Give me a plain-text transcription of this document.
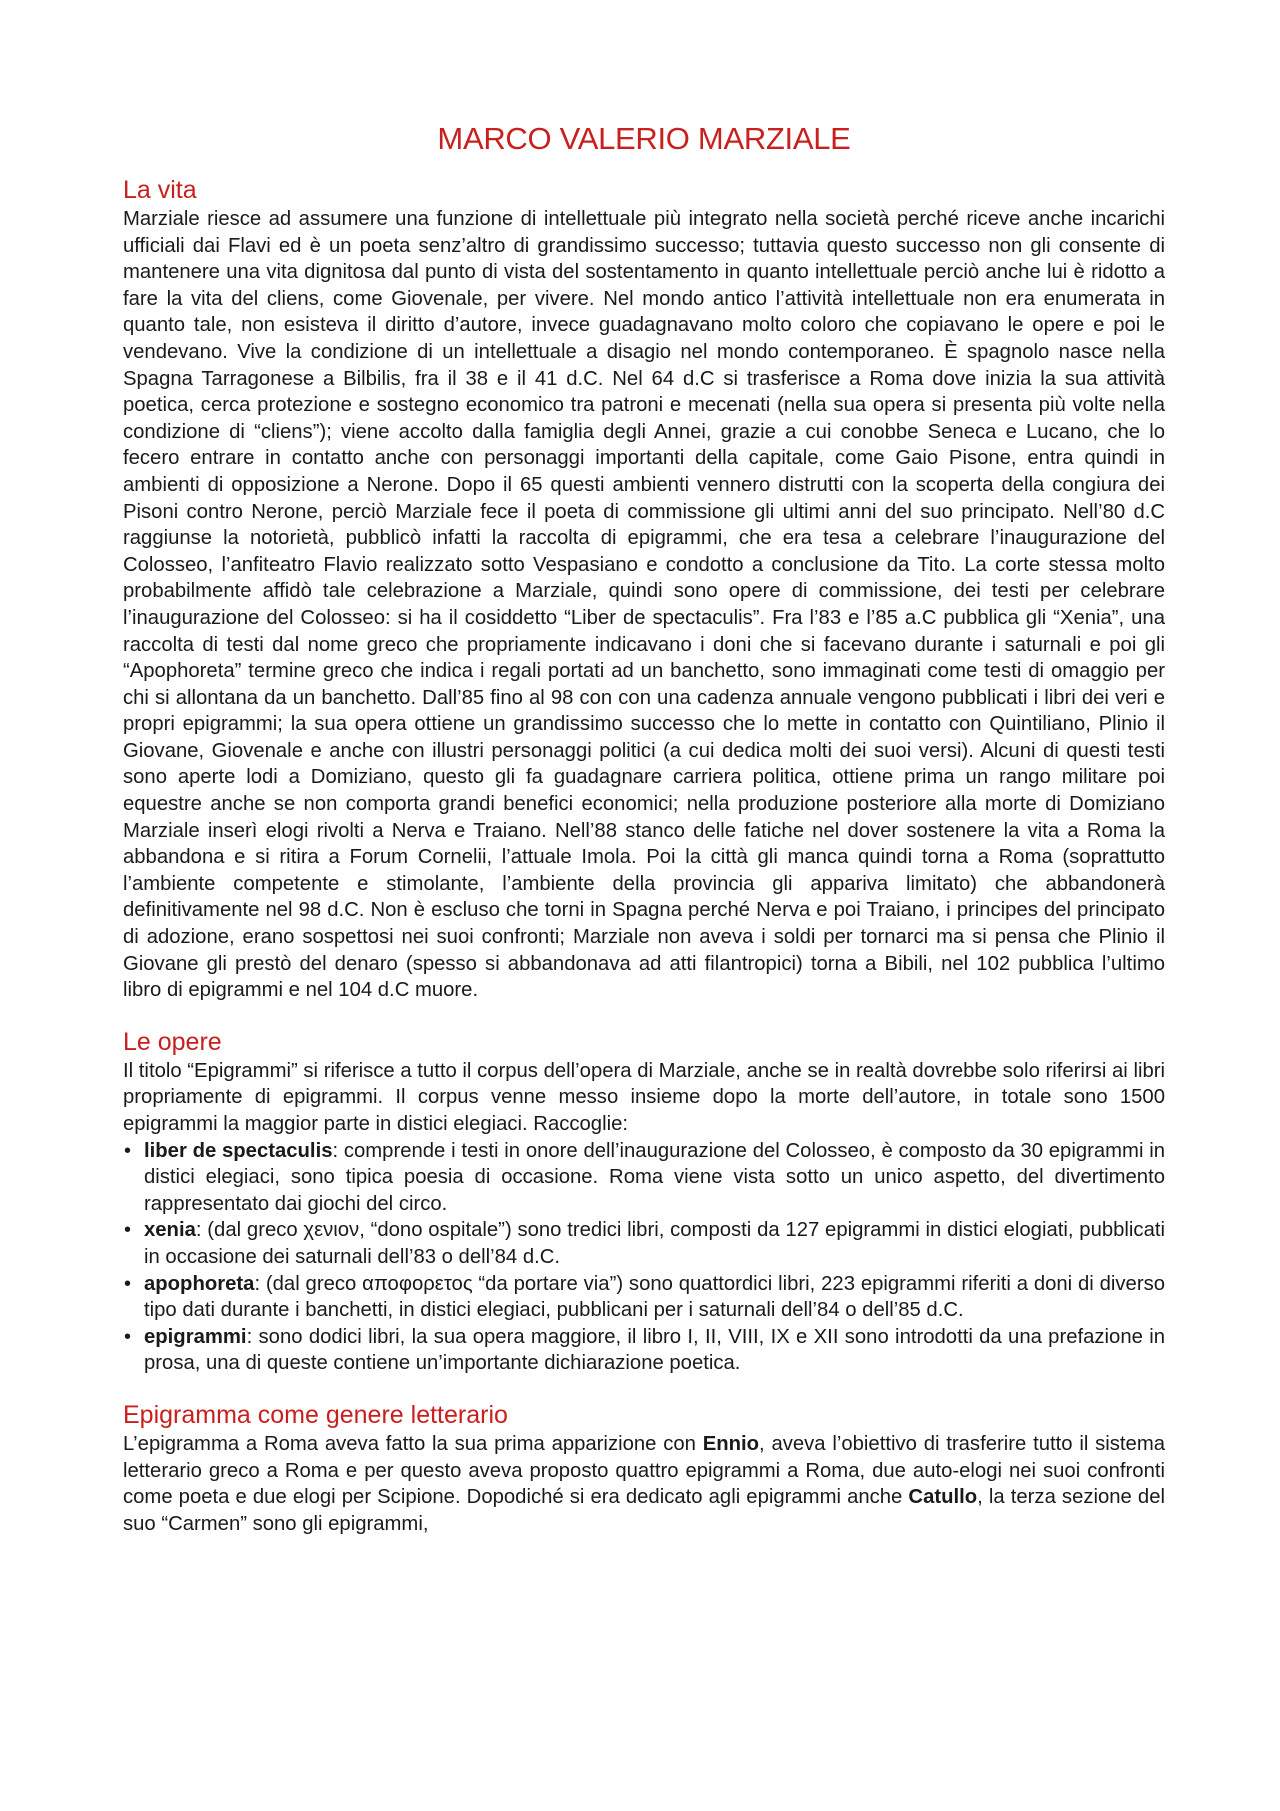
MARCO VALERIO MARZIALE
La vita

Marziale riesce ad assumere una funzione di intellettuale più integrato nella società perché riceve anche incarichi ufficiali dai Flavi ed è un poeta senz’altro di grandissimo successo; tuttavia questo successo non gli consente di mantenere una vita dignitosa dal punto di vista del sostentamento in quanto intellettuale perciò anche lui è ridotto a fare la vita del cliens, come Giovenale, per vivere. Nel mondo antico l’attività intellettuale non era enumerata in quanto tale, non esisteva il diritto d’autore, invece guadagnavano molto coloro che copiavano le opere e poi le vendevano. Vive la condizione di un intellettuale a disagio nel mondo contemporaneo. È spagnolo nasce nella Spagna Tarragonese a Bilbilis, fra il 38 e il 41 d.C. Nel 64 d.C si trasferisce a Roma dove inizia la sua attività poetica, cerca protezione e sostegno economico tra patroni e mecenati (nella sua opera si presenta più volte nella condizione di “cliens”); viene accolto dalla famiglia degli Annei, grazie a cui conobbe Seneca e Lucano, che lo fecero entrare in contatto anche con personaggi importanti della capitale, come Gaio Pisone, entra quindi in ambienti di opposizione a Nerone. Dopo il 65 questi ambienti vennero distrutti con la scoperta della congiura dei Pisoni contro Nerone, perciò Marziale fece il poeta di commissione gli ultimi anni del suo principato. Nell’80 d.C raggiunse la notorietà, pubblicò infatti la raccolta di epigrammi, che era tesa a celebrare l’inaugurazione del Colosseo, l’anfiteatro Flavio realizzato sotto Vespasiano e condotto a conclusione da Tito. La corte stessa molto probabilmente affidò tale celebrazione a Marziale, quindi sono opere di commissione, dei testi per celebrare l’inaugurazione del Colosseo: si ha il cosiddetto “Liber de spectaculis”. Fra l’83 e l’85 a.C pubblica gli “Xenia”, una raccolta di testi dal nome greco che propriamente indicavano i doni che si facevano durante i saturnali e poi gli “Apophoreta” termine greco che indica i regali portati ad un banchetto, sono immaginati come testi di omaggio per chi si allontana da un banchetto. Dall’85 fino al 98 con con una cadenza annuale vengono pubblicati i libri dei veri e propri epigrammi; la sua opera ottiene un grandissimo successo che lo mette in contatto con Quintiliano, Plinio il Giovane, Giovenale e anche con illustri personaggi politici (a cui dedica molti dei suoi versi). Alcuni di questi testi sono aperte lodi a Domiziano, questo gli fa guadagnare carriera politica, ottiene prima un rango militare poi equestre anche se non comporta grandi benefici economici; nella produzione posteriore alla morte di Domiziano Marziale inserì elogi rivolti a Nerva e Traiano. Nell’88 stanco delle fatiche nel dover sostenere la vita a Roma la abbandona e si ritira a Forum Cornelii, l’attuale Imola. Poi la città gli manca quindi torna a Roma (soprattutto l’ambiente competente e stimolante, l’ambiente della provincia gli appariva limitato) che abbandonerà definitivamente nel 98 d.C. Non è escluso che torni in Spagna perché Nerva e poi Traiano, i principes del principato di adozione, erano sospettosi nei suoi confronti; Marziale non aveva i soldi per tornarci ma si pensa che Plinio il Giovane gli prestò del denaro (spesso si abbandonava ad atti filantropici) torna a Bibili, nel 102 pubblica l’ultimo libro di epigrammi e nel 104 d.C muore.

Le opere

Il titolo “Epigrammi” si riferisce a tutto il corpus dell’opera di Marziale, anche se in realtà dovrebbe solo riferirsi ai libri propriamente di epigrammi. Il corpus venne messo insieme dopo la morte dell’autore, in totale sono 1500 epigrammi la maggior parte in distici elegiaci. Raccoglie:

• liber de spectaculis: comprende i testi in onore dell’inaugurazione del Colosseo, è composto da 30 epigrammi in distici elegiaci, sono tipica poesia di occasione. Roma viene vista sotto un unico aspetto, del divertimento rappresentato dai giochi del circo.
• xenia: (dal greco χενιον, “dono ospitale”) sono tredici libri, composti da 127 epigrammi in distici elogiati, pubblicati in occasione dei saturnali dell’83 o dell’84 d.C.
• apophoreta: (dal greco αποφορετος “da portare via”) sono quattordici libri, 223 epigrammi riferiti a doni di diverso tipo dati durante i banchetti, in distici elegiaci, pubblicani per i saturnali dell’84 o dell’85 d.C.
• epigrammi: sono dodici libri, la sua opera maggiore, il libro I, II, VIII, IX e XII sono introdotti da una prefazione in prosa, una di queste contiene un’importante dichiarazione poetica.
Epigramma come genere letterario

L’epigramma a Roma aveva fatto la sua prima apparizione con Ennio, aveva l’obiettivo di trasferire tutto il sistema letterario greco a Roma e per questo aveva proposto quattro epigrammi a Roma, due auto-elogi nei suoi confronti come poeta e due elogi per Scipione. Dopodiché si era dedicato agli epigrammi anche Catullo, la terza sezione del suo “Carmen” sono gli epigrammi,
